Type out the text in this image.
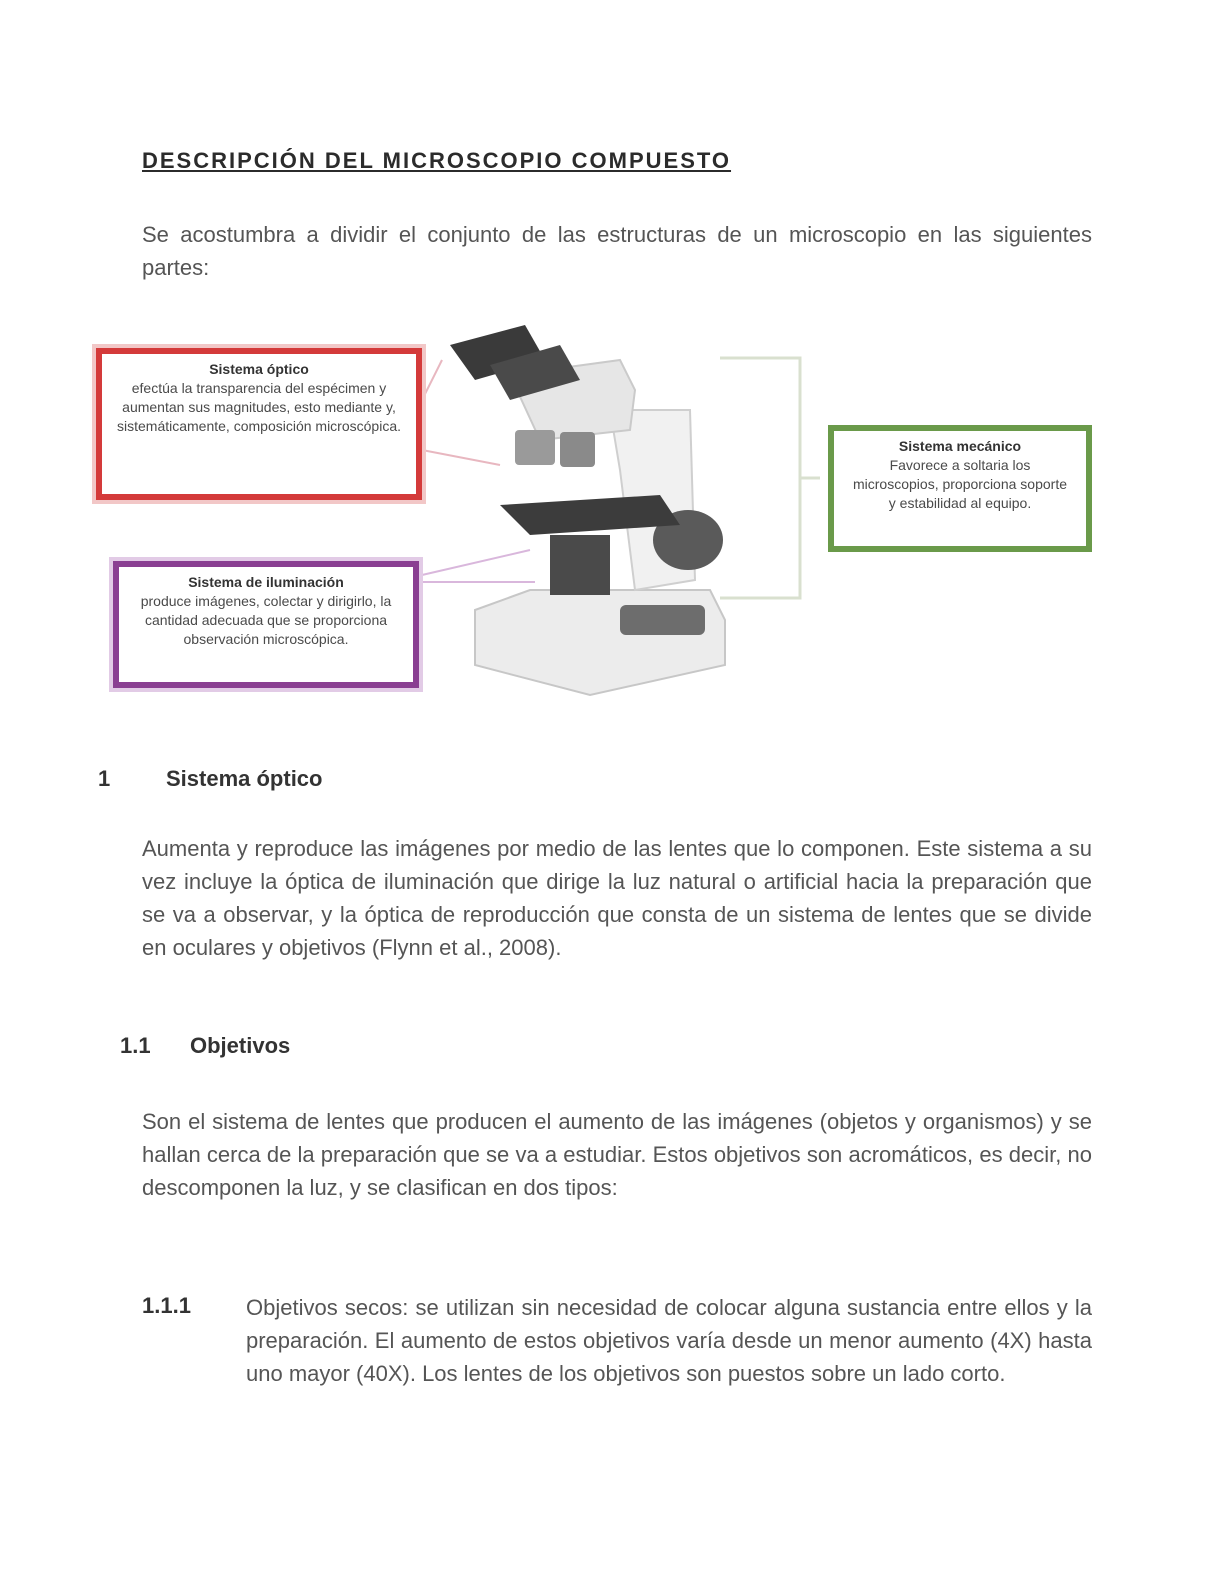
DESCRIPCIÓN DEL MICROSCOPIO COMPUESTO
Se acostumbra a dividir el conjunto de las estructuras de un microscopio en las siguientes partes:
Sistema óptico
efectúa la transparencia del espécimen y aumentan sus magnitudes, esto mediante y, sistemáticamente, composición microscópica.
Sistema de iluminación
produce imágenes, colectar y dirigirlo, la cantidad adecuada que se proporciona observación microscópica.
Sistema mecánico
Favorece a soltaria los microscopios, proporciona soporte y estabilidad al equipo.
1	Sistema óptico
Aumenta y reproduce las imágenes por medio de las lentes que lo componen. Este sistema a su vez incluye la óptica de iluminación que dirige la luz natural o artificial hacia la preparación que se va a observar, y la óptica de reproducción que consta de un sistema de lentes que se divide en oculares y objetivos (Flynn et al., 2008).
1.1 Objetivos
Son el sistema de lentes que producen el aumento de las imágenes (objetos y organismos) y se hallan cerca de la preparación que se va a estudiar. Estos objetivos son acromáticos, es decir, no descomponen la luz, y se clasifican en dos tipos:
1.1.1	Objetivos secos: se utilizan sin necesidad de colocar alguna sustancia entre ellos y la preparación. El aumento de estos objetivos varía desde un menor aumento (4X) hasta uno mayor (40X). Los lentes de los objetivos son puestos sobre un lado corto.
